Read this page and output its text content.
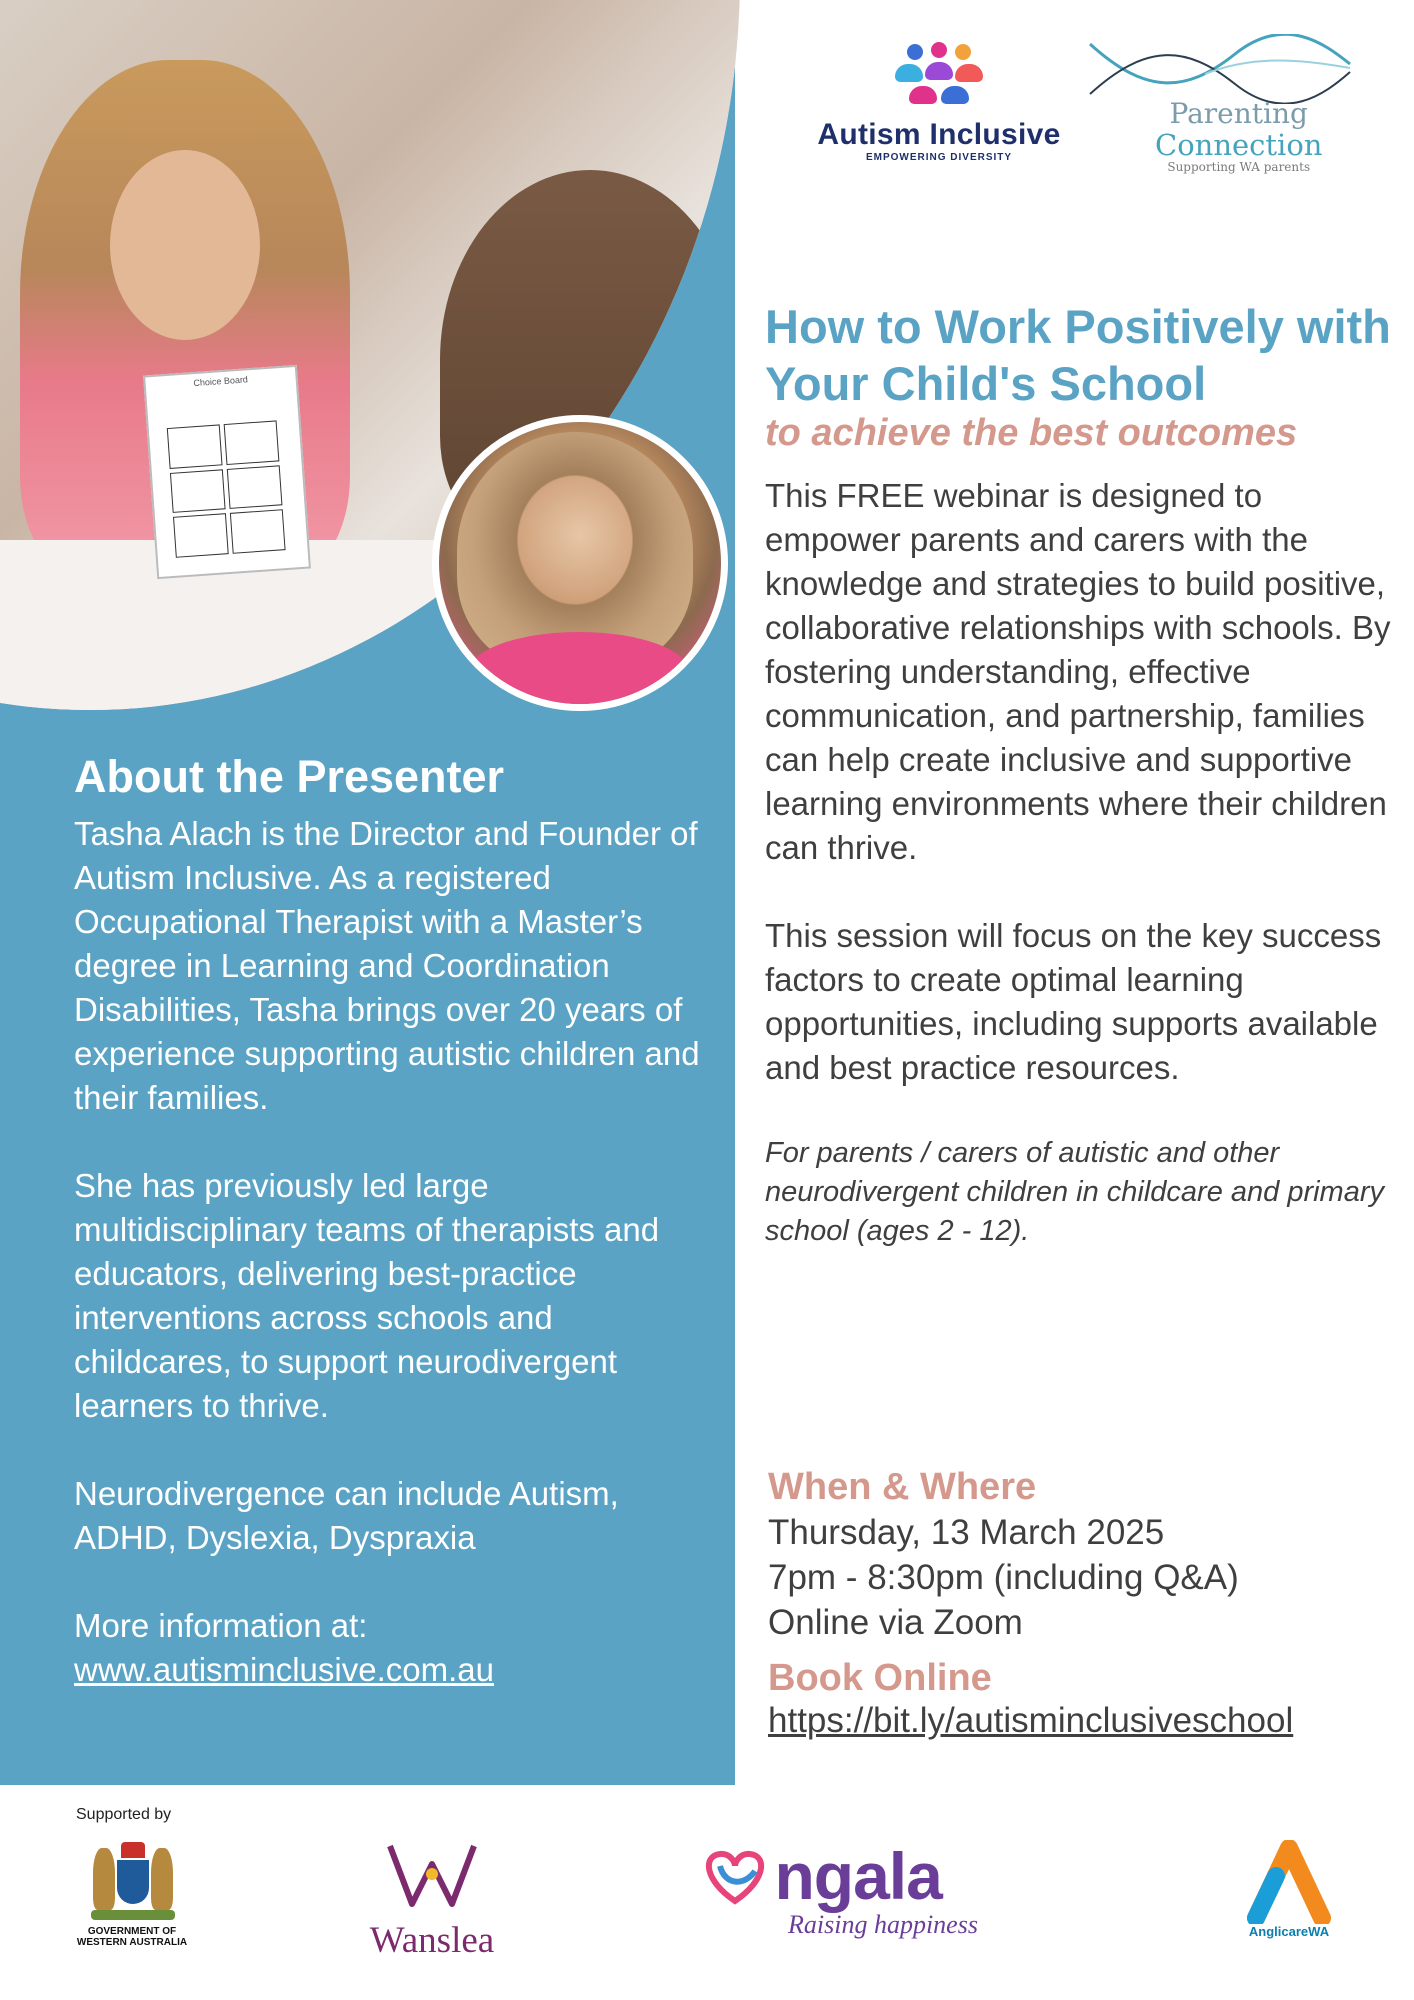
Choice Board
About the Presenter

Tasha Alach is the Director and Founder of Autism Inclusive. As a registered Occupational Therapist with a Master’s degree in Learning and Coordination Disabilities, Tasha brings over 20 years of experience supporting autistic children and their families.

She has previously led large multidisciplinary teams of therapists and educators, delivering best-practice interventions across schools and childcares, to support neurodivergent learners to thrive.

Neurodivergence can include Autism, ADHD, Dyslexia, Dyspraxia

More information at:

www.autisminclusive.com.au

Autism Inclusive
EMPOWERING DIVERSITY
Parenting
Connection
Supporting WA parents
How to Work Positively with Your Child's School
to achieve the best outcomes

This FREE webinar is designed to empower parents and carers with the knowledge and strategies to build positive, collaborative relationships with schools. By fostering understanding, effective communication, and partnership, families can help create inclusive and supportive learning environments where their children can thrive.

This session will focus on the key success factors to create optimal learning opportunities, including supports available and best practice resources.

For parents / carers of autistic and other neurodivergent children in childcare and primary school (ages 2 - 12).

When & Where
Thursday, 13 March 2025
7pm - 8:30pm (including Q&A)
Online via Zoom
Book Online
https://bit.ly/autisminclusiveschool
Supported by
GOVERNMENT OF WESTERN AUSTRALIA	Wanslea
ngala
Raising happiness	AnglicareWA
